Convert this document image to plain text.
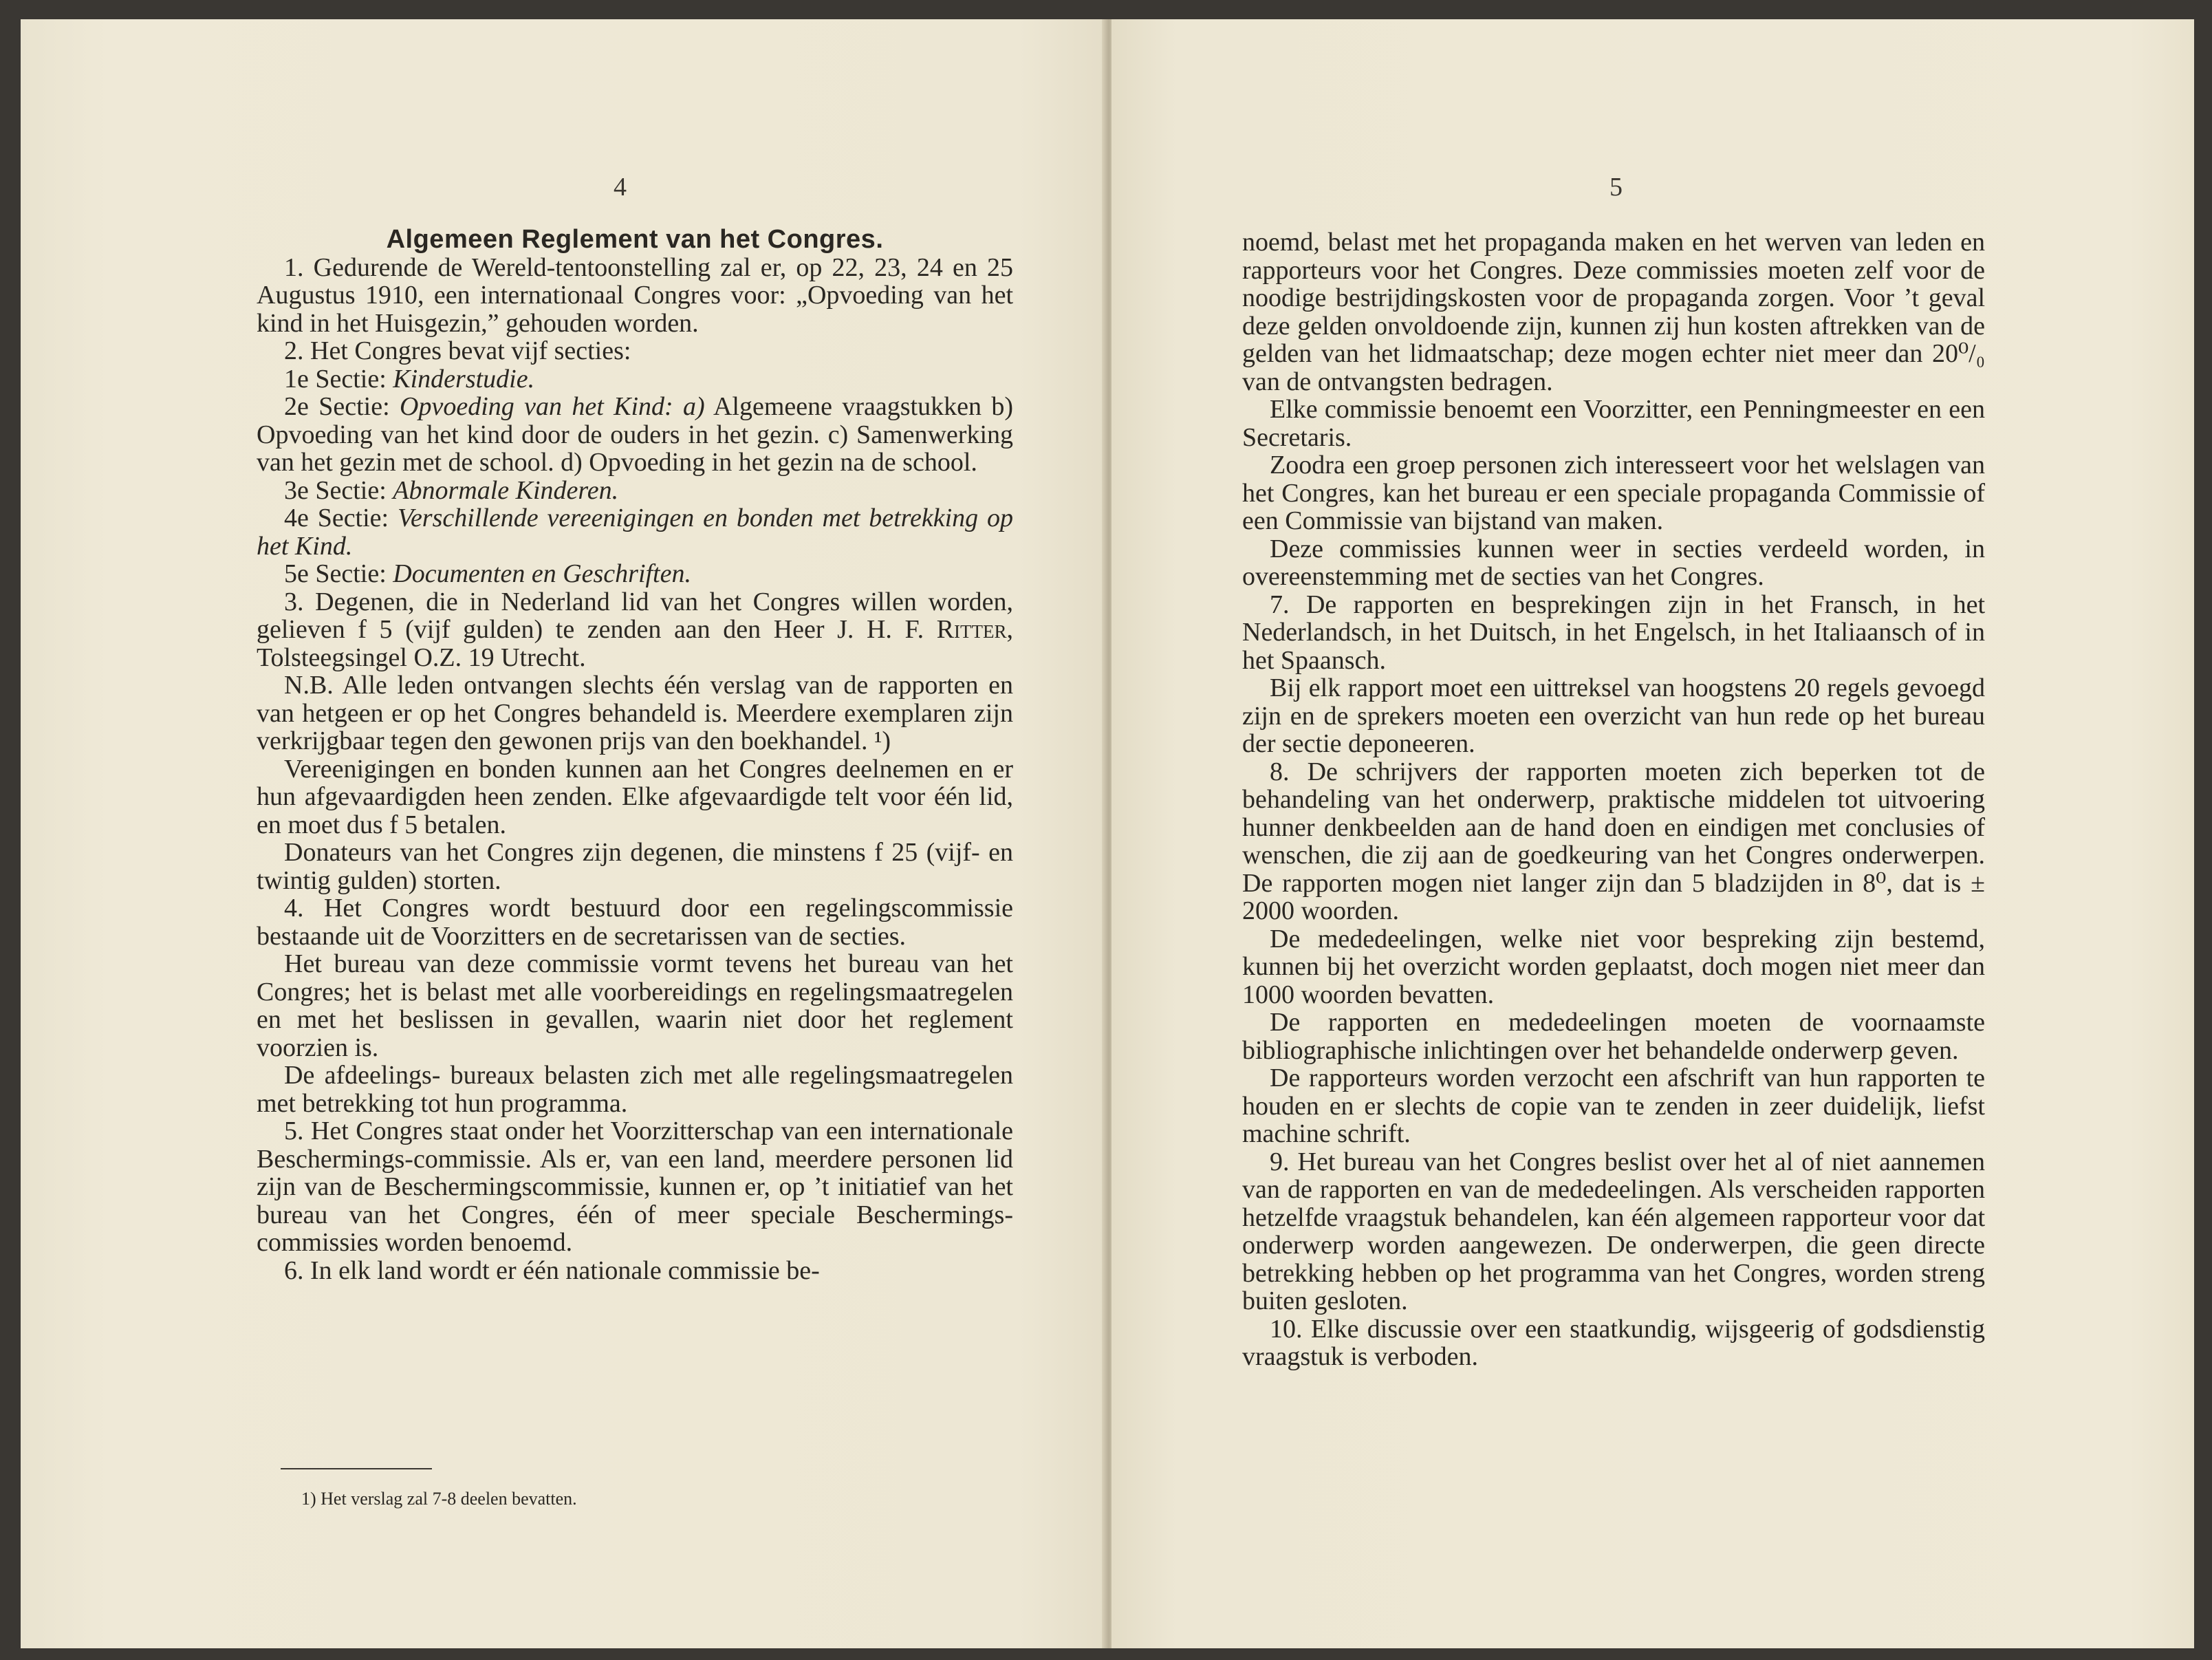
4

Algemeen Reglement van het Congres.

1. Gedurende de Wereld-tentoonstelling zal er, op 22, 23, 24 en 25 Augustus 1910, een internationaal Congres voor: „Opvoeding van het kind in het Huisgezin,” gehouden worden.

2. Het Congres bevat vijf secties:

1e Sectie: Kinderstudie.

2e Sectie: Opvoeding van het Kind: a) Algemeene vraagstukken b) Opvoeding van het kind door de ouders in het gezin. c) Samenwerking van het gezin met de school. d) Opvoeding in het gezin na de school.

3e Sectie: Abnormale Kinderen.

4e Sectie: Verschillende vereenigingen en bonden met betrekking op het Kind.

5e Sectie: Documenten en Geschriften.

3. Degenen, die in Nederland lid van het Congres willen worden, gelieven f 5 (vijf gulden) te zenden aan den Heer J. H. F. Ritter, Tolsteegsingel O.Z. 19 Utrecht.

N.B. Alle leden ontvangen slechts één verslag van de rapporten en van hetgeen er op het Congres behandeld is. Meerdere exemplaren zijn verkrijgbaar tegen den gewonen prijs van den boekhandel. ¹)

Vereenigingen en bonden kunnen aan het Congres deelnemen en er hun afgevaardigden heen zenden. Elke afgevaardigde telt voor één lid, en moet dus f 5 betalen.

Donateurs van het Congres zijn degenen, die minstens f 25 (vijf- en twintig gulden) storten.

4. Het Congres wordt bestuurd door een regelingscommissie bestaande uit de Voorzitters en de secretarissen van de secties.

Het bureau van deze commissie vormt tevens het bureau van het Congres; het is belast met alle voorbereidings en regelingsmaatregelen en met het beslissen in gevallen, waarin niet door het reglement voorzien is.

De afdeelings- bureaux belasten zich met alle regelingsmaatregelen met betrekking tot hun programma.

5. Het Congres staat onder het Voorzitterschap van een internationale Beschermings-commissie. Als er, van een land, meerdere personen lid zijn van de Beschermingscommissie, kunnen er, op ’t initiatief van het bureau van het Congres, één of meer speciale Beschermings-commissies worden benoemd.

6. In elk land wordt er één nationale commissie be-

1) Het verslag zal 7-8 deelen bevatten.
5

noemd, belast met het propaganda maken en het werven van leden en rapporteurs voor het Congres. Deze commissies moeten zelf voor de noodige bestrijdingskosten voor de propaganda zorgen. Voor ’t geval deze gelden onvoldoende zijn, kunnen zij hun kosten aftrekken van de gelden van het lidmaatschap; deze mogen echter niet meer dan 20⁰/₀ van de ontvangsten bedragen.

Elke commissie benoemt een Voorzitter, een Penningmeester en een Secretaris.

Zoodra een groep personen zich interesseert voor het welslagen van het Congres, kan het bureau er een speciale propaganda Commissie of een Commissie van bijstand van maken.

Deze commissies kunnen weer in secties verdeeld worden, in overeenstemming met de secties van het Congres.

7. De rapporten en besprekingen zijn in het Fransch, in het Nederlandsch, in het Duitsch, in het Engelsch, in het Italiaansch of in het Spaansch.

Bij elk rapport moet een uittreksel van hoogstens 20 regels gevoegd zijn en de sprekers moeten een overzicht van hun rede op het bureau der sectie deponeeren.

8. De schrijvers der rapporten moeten zich beperken tot de behandeling van het onderwerp, praktische middelen tot uitvoering hunner denkbeelden aan de hand doen en eindigen met conclusies of wenschen, die zij aan de goedkeuring van het Congres onderwerpen. De rapporten mogen niet langer zijn dan 5 bladzijden in 8⁰, dat is ± 2000 woorden.

De mededeelingen, welke niet voor bespreking zijn bestemd, kunnen bij het overzicht worden geplaatst, doch mogen niet meer dan 1000 woorden bevatten.

De rapporten en mededeelingen moeten de voornaamste bibliographische inlichtingen over het behandelde onderwerp geven.

De rapporteurs worden verzocht een afschrift van hun rapporten te houden en er slechts de copie van te zenden in zeer duidelijk, liefst machine schrift.

9. Het bureau van het Congres beslist over het al of niet aannemen van de rapporten en van de mededeelingen. Als verscheiden rapporten hetzelfde vraagstuk behandelen, kan één algemeen rapporteur voor dat onderwerp worden aangewezen. De onderwerpen, die geen directe betrekking hebben op het programma van het Congres, worden streng buiten gesloten.

10. Elke discussie over een staatkundig, wijsgeerig of godsdienstig vraagstuk is verboden.
